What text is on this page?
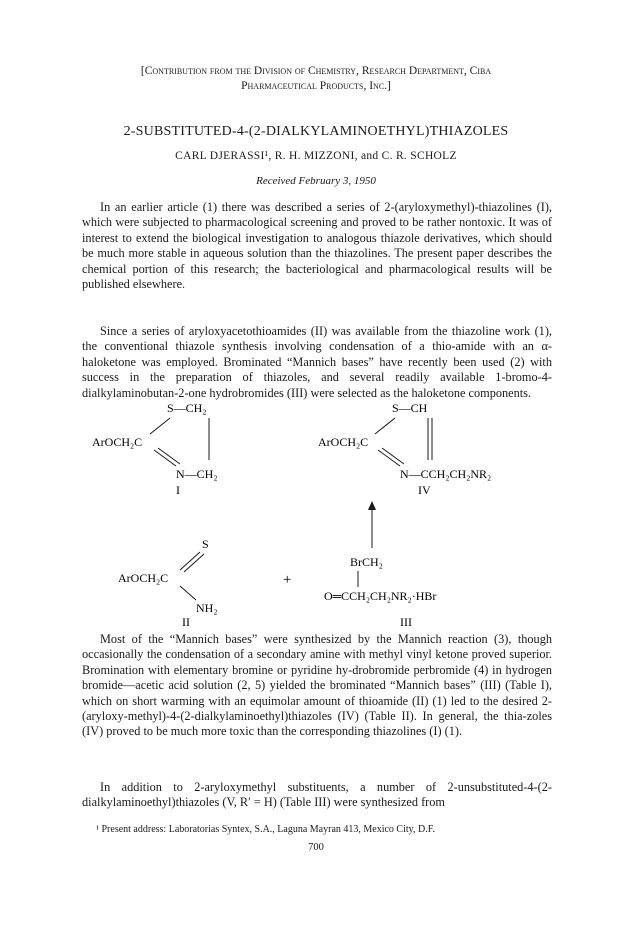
[Contribution from the Division of Chemistry, Research Department, Ciba
Pharmaceutical Products, Inc.]
2-SUBSTITUTED-4-(2-DIALKYLAMINOETHYL)THIAZOLES
CARL DJERASSI¹, R. H. MIZZONI, and C. R. SCHOLZ
Received February 3, 1950

In an earlier article (1) there was described a series of 2-(aryloxymethyl)-thiazolines (I), which were subjected to pharmacological screening and proved to be rather nontoxic. It was of interest to extend the biological investigation to analogous thiazole derivatives, which should be much more stable in aqueous solution than the thiazolines. The present paper describes the chemical portion of this research; the bacteriological and pharmacological results will be published elsewhere.

Since a series of aryloxyacetothioamides (II) was available from the thiazoline work (1), the conventional thiazole synthesis involving condensation of a thio-amide with an α-haloketone was employed. Brominated “Mannich bases” have recently been used (2) with success in the preparation of thiazoles, and several readily available 1-bromo-4-dialkylaminobutan-2-one hydrobromides (III) were selected as the haloketone components.

S—CH₂
ArOCH₂C
N—CH₂
I
S—CH
ArOCH₂C
N—CCH₂CH₂NR₂
IV
S
ArOCH₂C
NH₂
II
+
BrCH₂
O═CCH₂CH₂NR₂·HBr
III

Most of the “Mannich bases” were synthesized by the Mannich reaction (3), though occasionally the condensation of a secondary amine with methyl vinyl ketone proved superior. Bromination with elementary bromine or pyridine hy-drobromide perbromide (4) in hydrogen bromide—acetic acid solution (2, 5) yielded the brominated “Mannich bases” (III) (Table I), which on short warming with an equimolar amount of thioamide (II) (1) led to the desired 2-(aryloxy-methyl)-4-(2-dialkylaminoethyl)thiazoles (IV) (Table II). In general, the thia-zoles (IV) proved to be much more toxic than the corresponding thiazolines (I) (1).

In addition to 2-aryloxymethyl substituents, a number of 2-unsubstituted-4-(2-dialkylaminoethyl)thiazoles (V, R′ = H) (Table III) were synthesized from

¹ Present address: Laboratorias Syntex, S.A., Laguna Mayran 413, Mexico City, D.F.
700
